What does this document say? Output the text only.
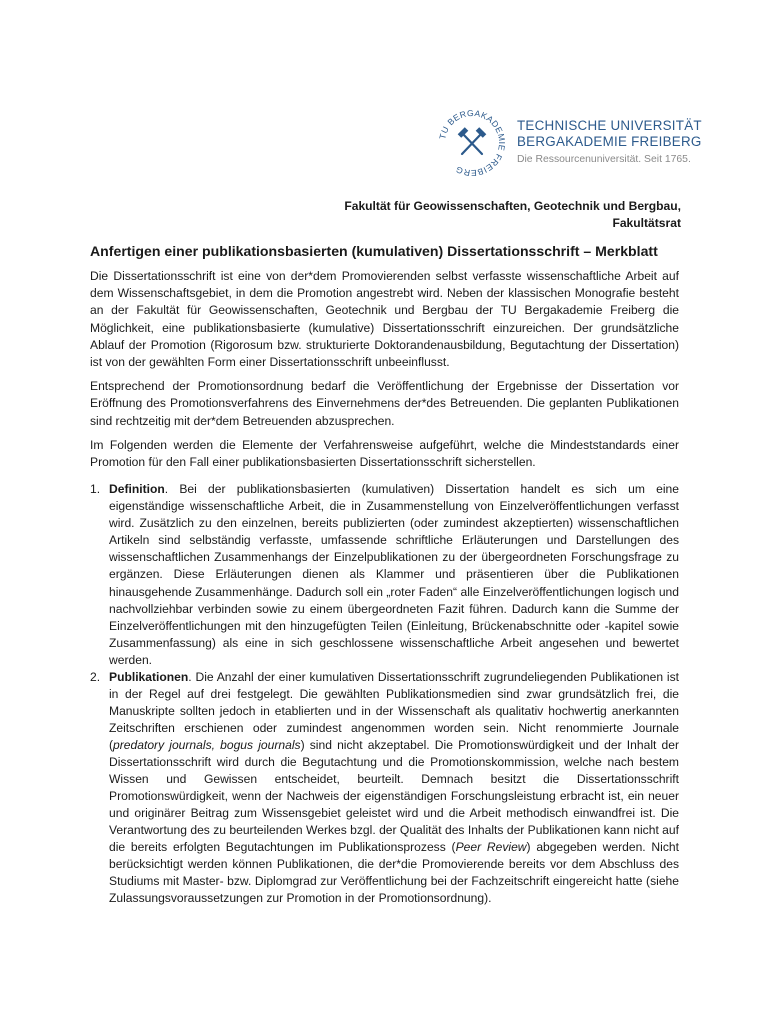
TU BERGAKADEMIE FREIBERG
TECHNISCHE UNIVERSITÄT
BERGAKADEMIE FREIBERG
Die Ressourcenuniversität. Seit 1765.
Fakultät für Geowissenschaften, Geotechnik und Bergbau,
Fakultätsrat
Anfertigen einer publikationsbasierten (kumulativen) Dissertationsschrift – Merkblatt

Die Dissertationsschrift ist eine von der*dem Promovierenden selbst verfasste wissenschaftliche Arbeit auf dem Wissenschaftsgebiet, in dem die Promotion angestrebt wird. Neben der klassischen Monografie besteht an der Fakultät für Geowissenschaften, Geotechnik und Bergbau der TU Bergakademie Freiberg die Möglichkeit, eine publikationsbasierte (kumulative) Dissertationsschrift einzureichen. Der grundsätzliche Ablauf der Promotion (Rigorosum bzw. strukturierte Doktorandenausbildung, Begutachtung der Dissertation) ist von der gewählten Form einer Dissertationsschrift unbeeinflusst.

Entsprechend der Promotionsordnung bedarf die Veröffentlichung der Ergebnisse der Dissertation vor Eröffnung des Promotionsverfahrens des Einvernehmens der*des Betreuenden. Die geplanten Publikationen sind rechtzeitig mit der*dem Betreuenden abzusprechen.

Im Folgenden werden die Elemente der Verfahrensweise aufgeführt, welche die Mindeststandards einer Promotion für den Fall einer publikationsbasierten Dissertationsschrift sicherstellen.

1. Definition. Bei der publikationsbasierten (kumulativen) Dissertation handelt es sich um eine eigenständige wissenschaftliche Arbeit, die in Zusammenstellung von Einzelveröffentlichungen verfasst wird. Zusätzlich zu den einzelnen, bereits publizierten (oder zumindest akzeptierten) wissenschaftlichen Artikeln sind selbständig verfasste, umfassende schriftliche Erläuterungen und Darstellungen des wissenschaftlichen Zusammenhangs der Einzelpublikationen zu der übergeordneten Forschungsfrage zu ergänzen. Diese Erläuterungen dienen als Klammer und präsentieren über die Publikationen hinausgehende Zusammenhänge. Dadurch soll ein „roter Faden“ alle Einzelveröffentlichungen logisch und nachvollziehbar verbinden sowie zu einem übergeordneten Fazit führen. Dadurch kann die Summe der Einzelveröffentlichungen mit den hinzugefügten Teilen (Einleitung, Brückenabschnitte oder -kapitel sowie Zusammenfassung) als eine in sich geschlossene wissenschaftliche Arbeit angesehen und bewertet werden.
2. Publikationen. Die Anzahl der einer kumulativen Dissertationsschrift zugrundeliegenden Publikationen ist in der Regel auf drei festgelegt. Die gewählten Publikationsmedien sind zwar grundsätzlich frei, die Manuskripte sollten jedoch in etablierten und in der Wissenschaft als qualitativ hochwertig anerkannten Zeitschriften erschienen oder zumindest angenommen worden sein. Nicht renommierte Journale (predatory journals, bogus journals) sind nicht akzeptabel. Die Promotionswürdigkeit und der Inhalt der Dissertationsschrift wird durch die Begutachtung und die Promotionskommission, welche nach bestem Wissen und Gewissen entscheidet, beurteilt. Demnach besitzt die Dissertationsschrift Promotionswürdigkeit, wenn der Nachweis der eigenständigen Forschungsleistung erbracht ist, ein neuer und originärer Beitrag zum Wissensgebiet geleistet wird und die Arbeit methodisch einwandfrei ist. Die Verantwortung des zu beurteilenden Werkes bzgl. der Qualität des Inhalts der Publikationen kann nicht auf die bereits erfolgten Begutachtungen im Publikationsprozess (Peer Review) abgegeben werden. Nicht berücksichtigt werden können Publikationen, die der*die Promovierende bereits vor dem Abschluss des Studiums mit Master- bzw. Diplomgrad zur Veröffentlichung bei der Fachzeitschrift eingereicht hatte (siehe Zulassungsvoraussetzungen zur Promotion in der Promotionsordnung).
